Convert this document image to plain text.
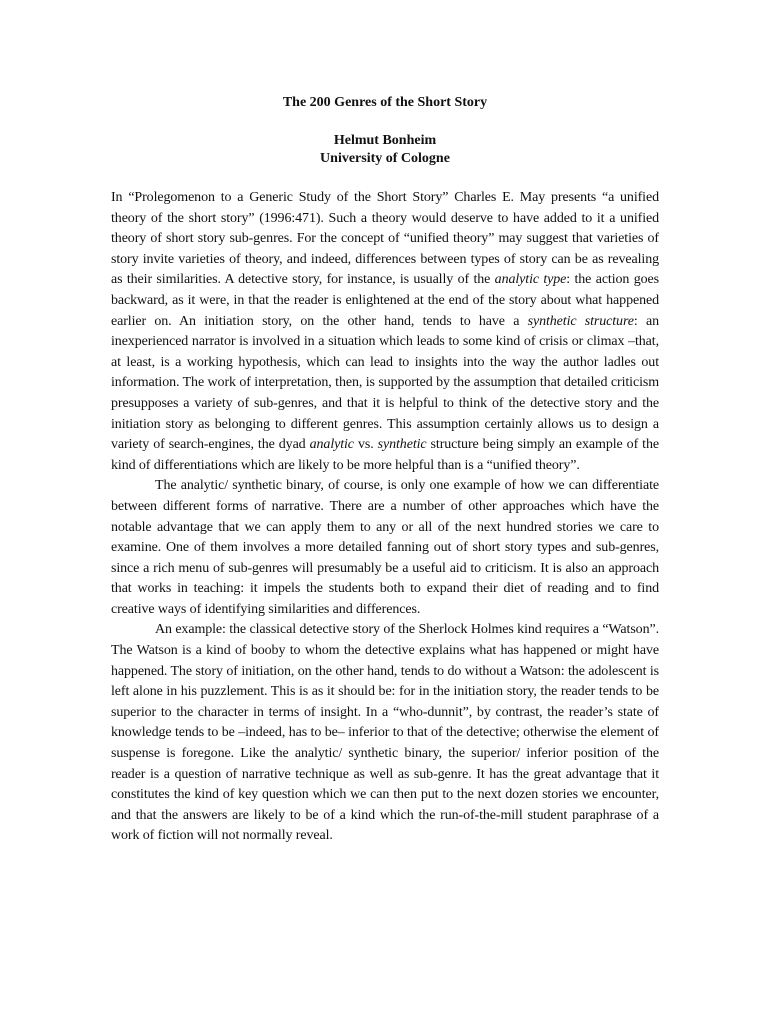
The 200 Genres of the Short Story
Helmut Bonheim
University of Cologne

In “Prolegomenon to a Generic Study of the Short Story” Charles E. May presents “a unified theory of the short story” (1996:471). Such a theory would deserve to have added to it a unified theory of short story sub-genres. For the concept of “unified theory” may suggest that varieties of story invite varieties of theory, and indeed, differences between types of story can be as revealing as their similarities. A detective story, for instance, is usually of the analytic type: the action goes backward, as it were, in that the reader is enlightened at the end of the story about what happened earlier on. An initiation story, on the other hand, tends to have a synthetic structure: an inexperienced narrator is involved in a situation which leads to some kind of crisis or climax –that, at least, is a working hypothesis, which can lead to insights into the way the author ladles out information. The work of interpretation, then, is supported by the assumption that detailed criticism presupposes a variety of sub-genres, and that it is helpful to think of the detective story and the initiation story as belonging to different genres. This assumption certainly allows us to design a variety of search-engines, the dyad analytic vs. synthetic structure being simply an example of the kind of differentiations which are likely to be more helpful than is a “unified theory”.

The analytic/ synthetic binary, of course, is only one example of how we can differentiate between different forms of narrative. There are a number of other approaches which have the notable advantage that we can apply them to any or all of the next hundred stories we care to examine. One of them involves a more detailed fanning out of short story types and sub-genres, since a rich menu of sub-genres will presumably be a useful aid to criticism. It is also an approach that works in teaching: it impels the students both to expand their diet of reading and to find creative ways of identifying similarities and differences.

An example: the classical detective story of the Sherlock Holmes kind requires a “Watson”. The Watson is a kind of booby to whom the detective explains what has happened or might have happened. The story of initiation, on the other hand, tends to do without a Watson: the adolescent is left alone in his puzzlement. This is as it should be: for in the initiation story, the reader tends to be superior to the character in terms of insight. In a “who-dunnit”, by contrast, the reader’s state of knowledge tends to be –indeed, has to be– inferior to that of the detective; otherwise the element of suspense is foregone. Like the analytic/ synthetic binary, the superior/ inferior position of the reader is a question of narrative technique as well as sub-genre. It has the great advantage that it constitutes the kind of key question which we can then put to the next dozen stories we encounter, and that the answers are likely to be of a kind which the run-of-the-mill student paraphrase of a work of fiction will not normally reveal.
